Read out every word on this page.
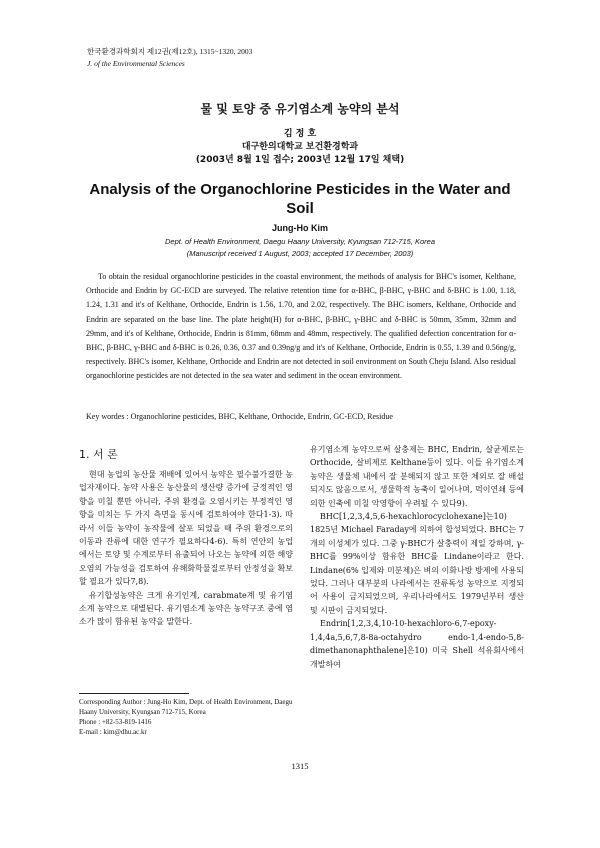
한국환경과학회지 제12권(제12호), 1315~1320, 2003
J. of the Environmental Sciences
물 및 토양 중 유기염소계 농약의 분석
김 정 호
대구한의대학교 보건환경학과
(2003년 8월 1일 접수; 2003년 12월 17일 채택)
Analysis of the Organochlorine Pesticides in the Water and Soil
Jung-Ho Kim
Dept. of Health Environment, Daegu Haany University, Kyungsan 712-715, Korea
(Manuscript received 1 August, 2003; accepted 17 December, 2003)

To obtain the residual organochlorine pesticides in the coastal environment, the methods of analysis for BHC's isomer, Kelthane, Orthocide and Endrin by GC-ECD are surveyed. The relative retention time for α-BHC, β-BHC, γ-BHC and δ-BHC is 1.00, 1.18, 1.24, 1.31 and it's of Kelthane, Orthocide, Endrin is 1.56, 1.70, and 2.02, respectively. The BHC isomers, Kelthane, Orthocide and Endrin are separated on the base line. The plate height(H) for α-BHC, β-BHC, γ-BHC and δ-BHC is 50mm, 35mm, 32mm and 29mm, and it's of Kelthane, Orthocide, Endrin is 81mm, 68mm and 48mm, respectively. The qualified defection concentration for α-BHC, β-BHC, γ-BHC and δ-BHC is 0.26, 0.36, 0.37 and 0.39ng/g and it's of Kelthane, Orthocide, Endrin is 0.55, 1.39 and 0.56ng/g, respectively. BHC's isomer, Kelthane, Orthocide and Endrin are not detected in soil environment on South Cheju Island. Also residual organochlorine pesticides are not detected in the sea water and sediment in the ocean environment.

Key wordes : Organochlorine pesticides, BHC, Kelthane, Orthocide, Endrin, GC-ECD, Residue

1. 서 론

현대 농업의 농산물 재배에 있어서 농약은 필수불가결한 농업자재이다. 농약 사용은 농산물의 생산량 증가에 긍정적인 영향을 미칠 뿐만 아니라, 주위 환경을 오염시키는 부정적인 영향을 미치는 두 가지 측면을 동시에 검토하여야 한다1-3). 따라서 이들 농약이 농작물에 살포 되었을 때 주위 환경으로의 이동과 잔류에 대한 연구가 필요하다4-6). 특히 연안의 농업에서는 토양 및 수계로부터 유출되어 나오는 농약에 의한 해양오염의 가능성을 검토하여 유해화학물질로부터 안정성을 확보할 필요가 있다7,8).

유기합성농약은 크게 유기인계, carabmate계 및 유기염소계 농약으로 대별된다. 유기염소계 농약은 농약구조 중에 염소가 많이 함유된 농약을 말한다.

유기염소계 농약으로써 살충제는 BHC, Endrin, 살균제로는 Orthocide, 살비제로 Kelthane등이 있다. 이들 유기염소계 농약은 생물체 내에서 잘 분해되지 않고 또한 체외로 잘 배설되지도 않음으로서, 생물학적 농축이 일어나며, 먹이연쇄 등에 의한 인축에 미칠 악영향이 우려될 수 있다9).

BHC[1,2,3,4,5,6-hexachlorocyclohexane]는10) 1825년 Michael Faraday에 의하여 합성되었다. BHC는 7개의 이성체가 있다. 그중 γ-BHC가 살충력이 제일 강하며, γ-BHC를 99%이상 함유한 BHC를 Lindane이라고 한다. Lindane(6% 입제와 미분제)은 벼의 이화나방 방제에 사용되었다. 그러나 대부분의 나라에서는 잔류독성 농약으로 지정되어 사용이 금지되었으며, 우리나라에서도 1979년부터 생산 및 시판이 금지되었다.

Endrin[1,2,3,4,10-10-hexachloro-6,7-epoxy-1,4,4a,5,6,7,8-8a-octahydro endo-1,4-endo-5,8-dimethanonaphthalene]은10) 미국 Shell 석유회사에서 개발하여

Corresponding Author : Jung-Ho Kim, Dept. of Health Environment, Daegu Haany University, Kyungsan 712-715, Korea
Phone : +82-53-819-1416
E-mail : kim@dhu.ac.kr
1315
